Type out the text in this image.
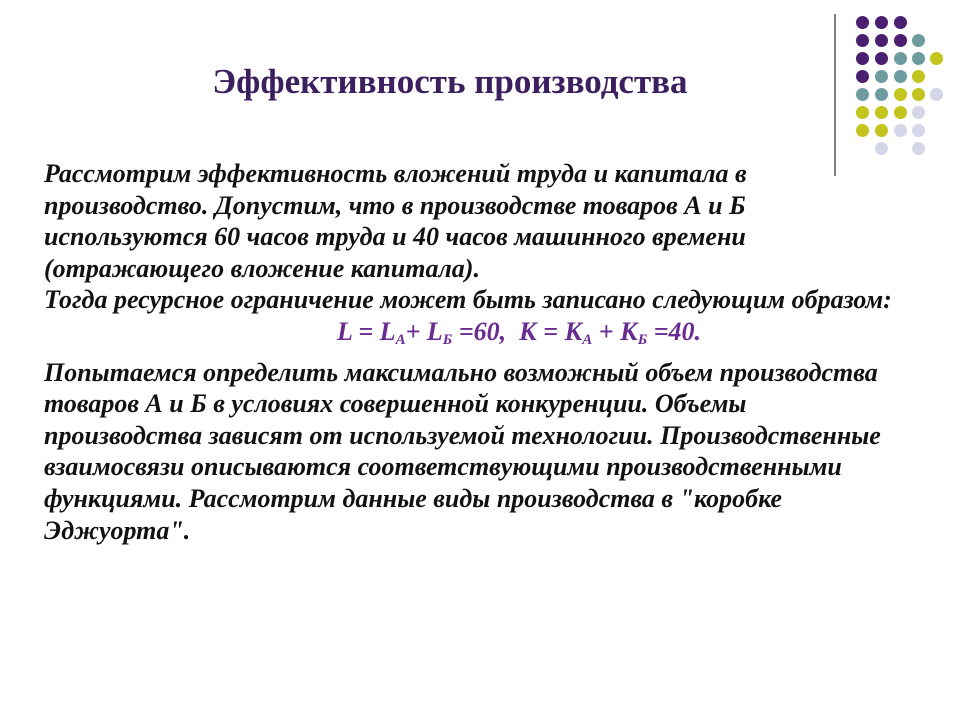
Эффективность производства

Рассмотрим эффективность вложений труда и капитала в производство. Допустим, что в производстве товаров А и Б используются 60 часов труда и 40 часов машинного времени (отражающего вложение капитала).

Тогда ресурсное ограничение может быть записано следующим образом:

$L = L_A+ L_Б =60$,  $К = К_А + К_Б =40$.

Попытаемся определить максимально возможный объем производства товаров А и Б в условиях совершенной конкуренции. Объемы производства зависят от используемой технологии. Производственные взаимосвязи описываются соответствующими производственными функциями. Рассмотрим данные виды производства в "коробке Эджуорта".
